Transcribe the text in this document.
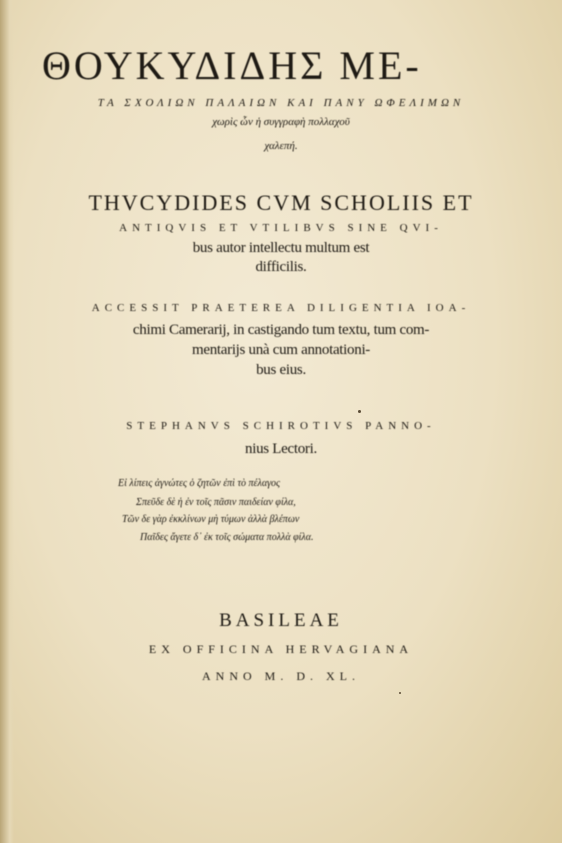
ΘΟΥΚΥΔΙΔΗΣ ΜΕ-
ΤΑ ΣΧΟΛΙΩΝ ΠΑΛΑΙΩΝ ΚΑΙ ΠΑΝΥ ΩΦΕΛΙΜΩΝ
χωρὶς ὧν ἡ συγγραφὴ πολλαχοῦ
χαλεπή.
THVCYDIDES CVM SCHOLIIS ET
ANTIQVIS ET VTILIBVS SINE QVI-
bus autor intellectu multum est
difficilis.
ACCESSIT PRAETEREA DILIGENTIA IOA-
chimi Camerarij, in castigando tum textu, tum com-
mentarijs unà cum annotationi-
bus eius.
STEPHANVS SCHIROTIVS PANNO-
nius Lectori.
Εἰ λίπεις ἀγνώτες ὁ ζητῶν ἐπὶ τὸ πέλαγος
Σπεῦδε δὲ ἡ ἐν τοῖς πᾶσιν παιδείαν φίλα,
Τῶν δε γὰρ ἐκκλίνων μὴ τύμων ἀλλὰ βλέπων
Παῖδες ἄγετε δ᾽ ἐκ τοῖς σώματα πολλὰ φίλα.
BASILEAE
EX OFFICINA HERVAGIANA
ANNO M. D. XL.
